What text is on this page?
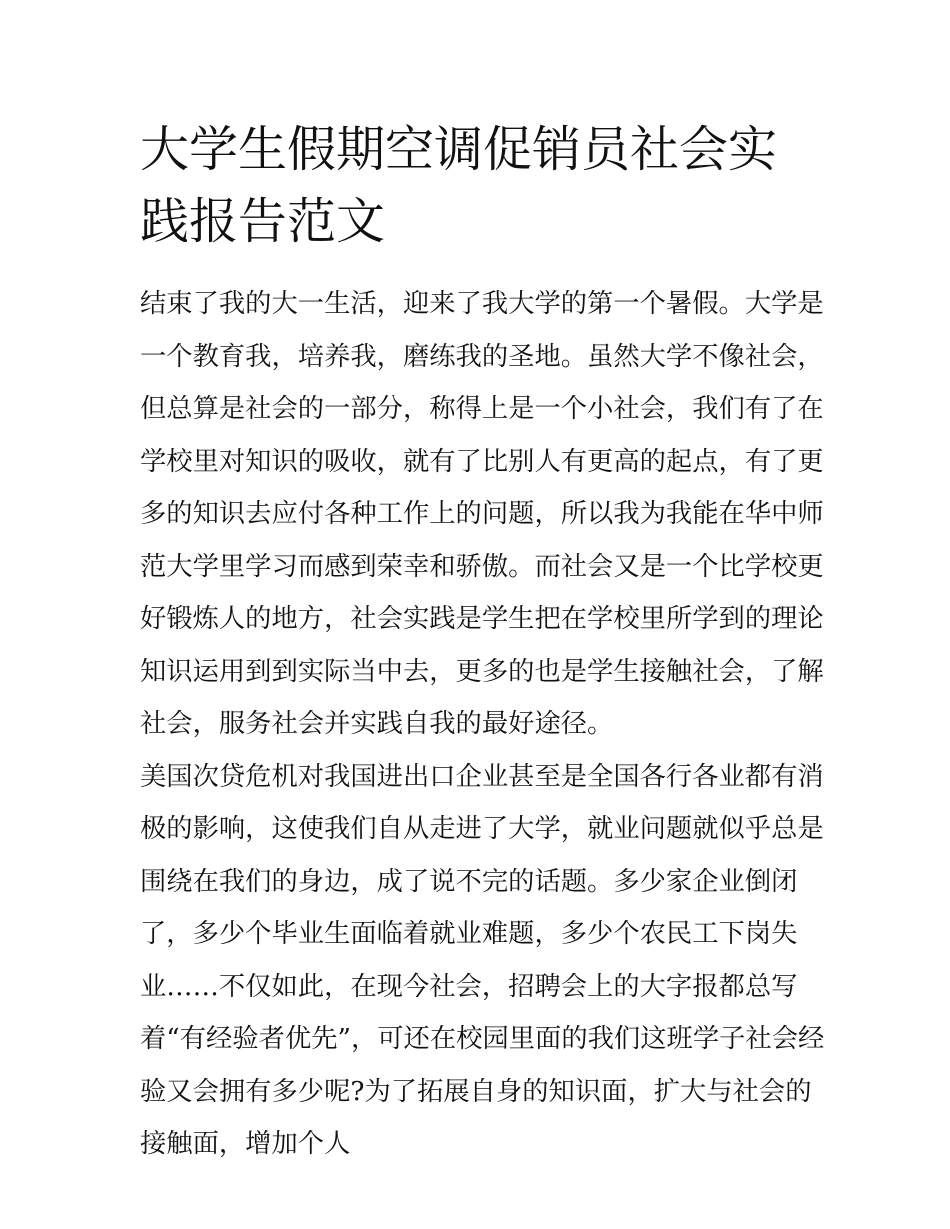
大学生假期空调促销员社会实践报告范文

结束了我的大一生活，迎来了我大学的第一个暑假。大学是一个教育我，培养我，磨练我的圣地。虽然大学不像社会，但总算是社会的一部分，称得上是一个小社会，我们有了在学校里对知识的吸收，就有了比别人有更高的起点，有了更多的知识去应付各种工作上的问题，所以我为我能在华中师范大学里学习而感到荣幸和骄傲。而社会又是一个比学校更好锻炼人的地方，社会实践是学生把在学校里所学到的理论知识运用到到实际当中去，更多的也是学生接触社会，了解社会，服务社会并实践自我的最好途径。

美国次贷危机对我国进出口企业甚至是全国各行各业都有消极的影响，这使我们自从走进了大学，就业问题就似乎总是围绕在我们的身边，成了说不完的话题。多少家企业倒闭了，多少个毕业生面临着就业难题，多少个农民工下岗失业……不仅如此，在现今社会，招聘会上的大字报都总写着“有经验者优先”，可还在校园里面的我们这班学子社会经验又会拥有多少呢?为了拓展自身的知识面，扩大与社会的接触面，增加个人
